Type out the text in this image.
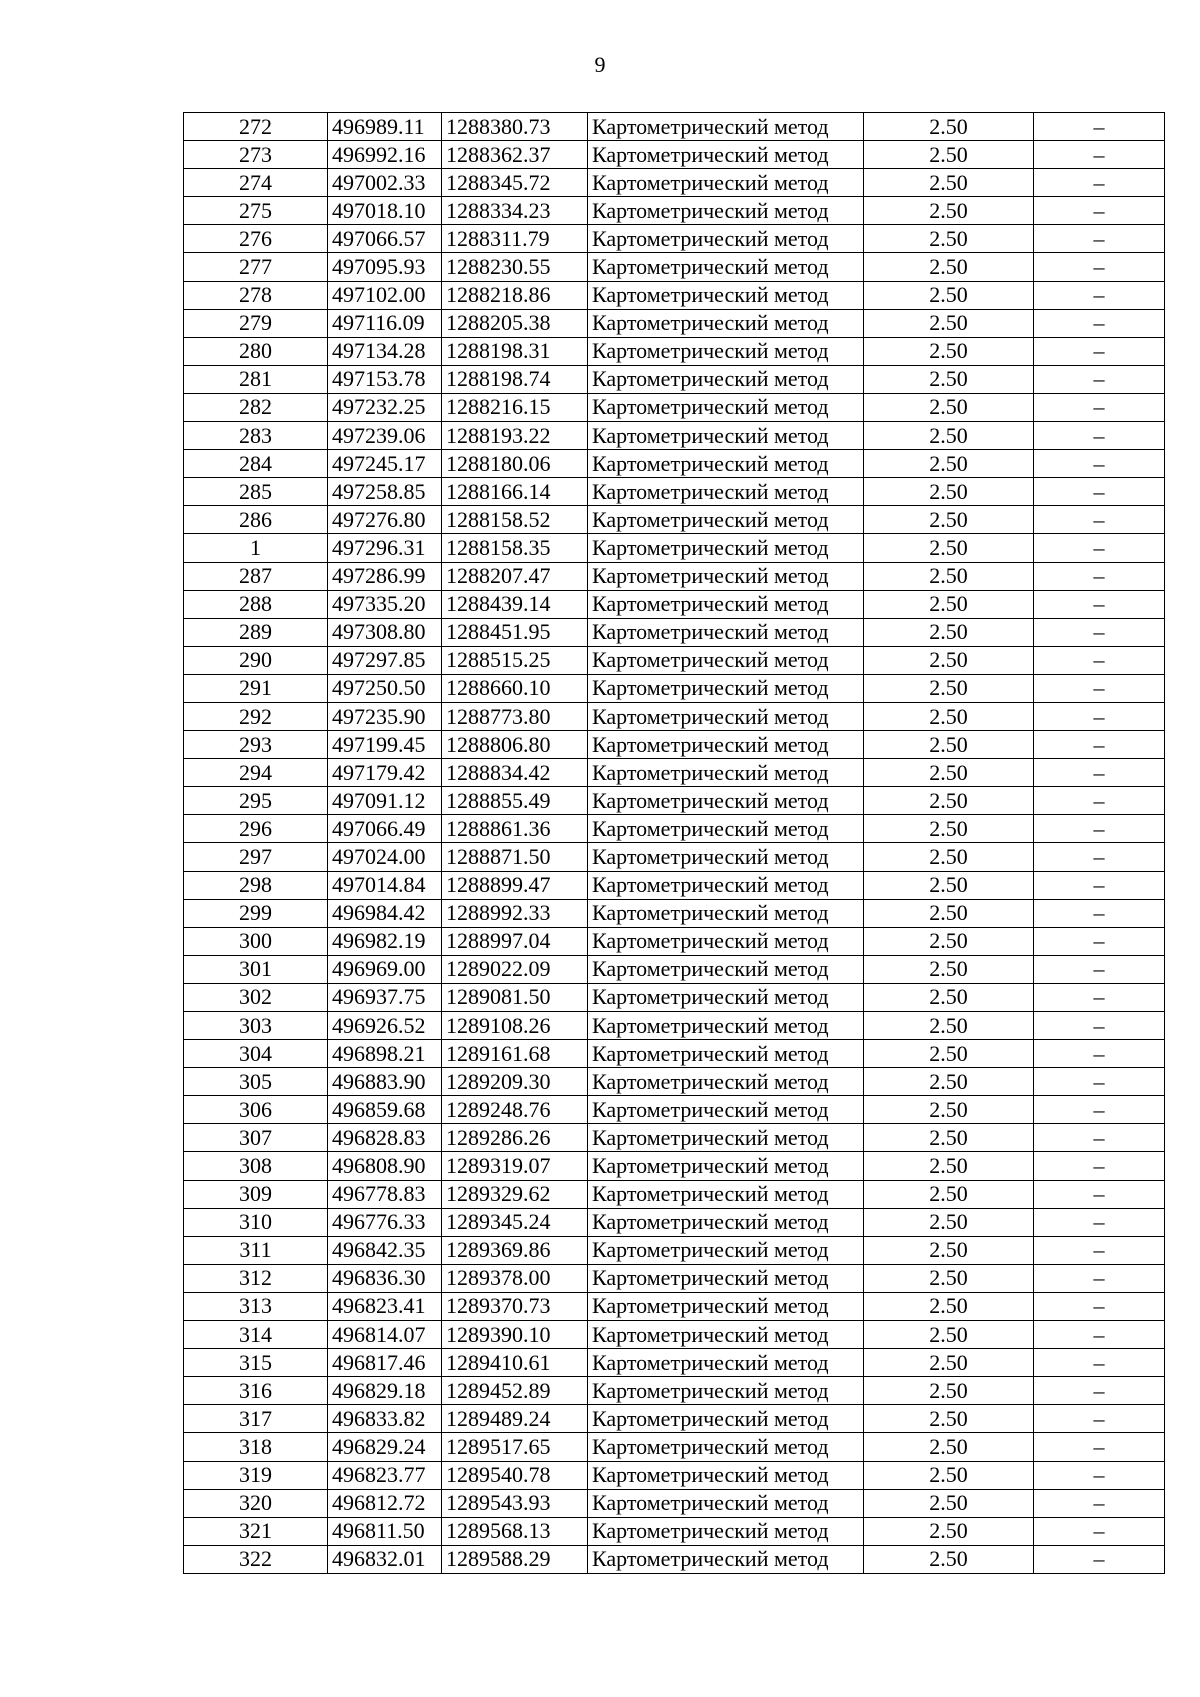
9
272	496989.11	1288380.73	Картометрический метод	2.50	–
273	496992.16	1288362.37	Картометрический метод	2.50	–
274	497002.33	1288345.72	Картометрический метод	2.50	–
275	497018.10	1288334.23	Картометрический метод	2.50	–
276	497066.57	1288311.79	Картометрический метод	2.50	–
277	497095.93	1288230.55	Картометрический метод	2.50	–
278	497102.00	1288218.86	Картометрический метод	2.50	–
279	497116.09	1288205.38	Картометрический метод	2.50	–
280	497134.28	1288198.31	Картометрический метод	2.50	–
281	497153.78	1288198.74	Картометрический метод	2.50	–
282	497232.25	1288216.15	Картометрический метод	2.50	–
283	497239.06	1288193.22	Картометрический метод	2.50	–
284	497245.17	1288180.06	Картометрический метод	2.50	–
285	497258.85	1288166.14	Картометрический метод	2.50	–
286	497276.80	1288158.52	Картометрический метод	2.50	–
1	497296.31	1288158.35	Картометрический метод	2.50	–
287	497286.99	1288207.47	Картометрический метод	2.50	–
288	497335.20	1288439.14	Картометрический метод	2.50	–
289	497308.80	1288451.95	Картометрический метод	2.50	–
290	497297.85	1288515.25	Картометрический метод	2.50	–
291	497250.50	1288660.10	Картометрический метод	2.50	–
292	497235.90	1288773.80	Картометрический метод	2.50	–
293	497199.45	1288806.80	Картометрический метод	2.50	–
294	497179.42	1288834.42	Картометрический метод	2.50	–
295	497091.12	1288855.49	Картометрический метод	2.50	–
296	497066.49	1288861.36	Картометрический метод	2.50	–
297	497024.00	1288871.50	Картометрический метод	2.50	–
298	497014.84	1288899.47	Картометрический метод	2.50	–
299	496984.42	1288992.33	Картометрический метод	2.50	–
300	496982.19	1288997.04	Картометрический метод	2.50	–
301	496969.00	1289022.09	Картометрический метод	2.50	–
302	496937.75	1289081.50	Картометрический метод	2.50	–
303	496926.52	1289108.26	Картометрический метод	2.50	–
304	496898.21	1289161.68	Картометрический метод	2.50	–
305	496883.90	1289209.30	Картометрический метод	2.50	–
306	496859.68	1289248.76	Картометрический метод	2.50	–
307	496828.83	1289286.26	Картометрический метод	2.50	–
308	496808.90	1289319.07	Картометрический метод	2.50	–
309	496778.83	1289329.62	Картометрический метод	2.50	–
310	496776.33	1289345.24	Картометрический метод	2.50	–
311	496842.35	1289369.86	Картометрический метод	2.50	–
312	496836.30	1289378.00	Картометрический метод	2.50	–
313	496823.41	1289370.73	Картометрический метод	2.50	–
314	496814.07	1289390.10	Картометрический метод	2.50	–
315	496817.46	1289410.61	Картометрический метод	2.50	–
316	496829.18	1289452.89	Картометрический метод	2.50	–
317	496833.82	1289489.24	Картометрический метод	2.50	–
318	496829.24	1289517.65	Картометрический метод	2.50	–
319	496823.77	1289540.78	Картометрический метод	2.50	–
320	496812.72	1289543.93	Картометрический метод	2.50	–
321	496811.50	1289568.13	Картометрический метод	2.50	–
322	496832.01	1289588.29	Картометрический метод	2.50	–
